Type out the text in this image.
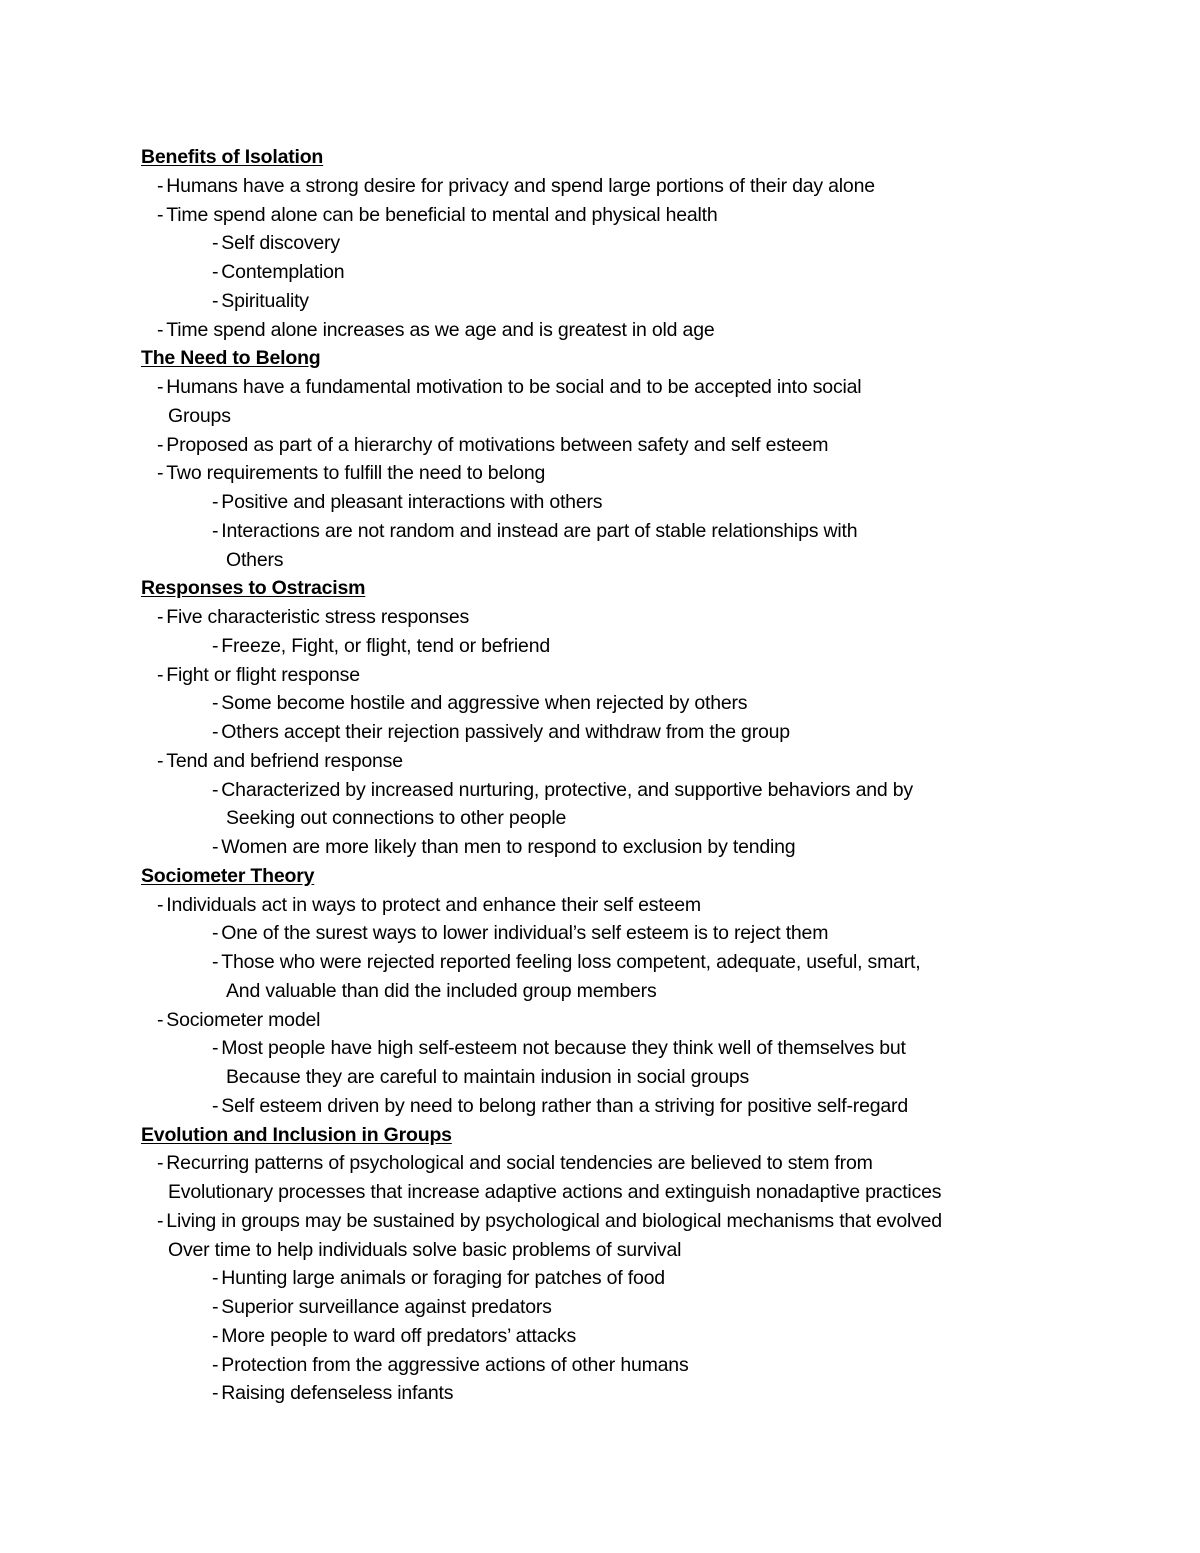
Benefits of Isolation
- Humans have a strong desire for privacy and spend large portions of their day alone
- Time spend alone can be beneficial to mental and physical health
- Self discovery
- Contemplation
- Spirituality
- Time spend alone increases as we age and is greatest in old age
The Need to Belong
- Humans have a fundamental motivation to be social and to be accepted into social
Groups
- Proposed as part of a hierarchy of motivations between safety and self esteem
- Two requirements to fulfill the need to belong
- Positive and pleasant interactions with others
- Interactions are not random and instead are part of stable relationships with
Others
Responses to Ostracism
- Five characteristic stress responses
- Freeze, Fight, or flight, tend or befriend
- Fight or flight response
- Some become hostile and aggressive when rejected by others
- Others accept their rejection passively and withdraw from the group
- Tend and befriend response
- Characterized by increased nurturing, protective, and supportive behaviors and by
Seeking out connections to other people
- Women are more likely than men to respond to exclusion by tending
Sociometer Theory
- Individuals act in ways to protect and enhance their self esteem
- One of the surest ways to lower individual’s self esteem is to reject them
- Those who were rejected reported feeling loss competent, adequate, useful, smart,
And valuable than did the included group members
- Sociometer model
- Most people have high self-esteem not because they think well of themselves but
Because they are careful to maintain indusion in social groups
- Self esteem driven by need to belong rather than a striving for positive self-regard
Evolution and Inclusion in Groups
- Recurring patterns of psychological and social tendencies are believed to stem from
Evolutionary processes that increase adaptive actions and extinguish nonadaptive practices
- Living in groups may be sustained by psychological and biological mechanisms that evolved
Over time to help individuals solve basic problems of survival
- Hunting large animals or foraging for patches of food
- Superior surveillance against predators
- More people to ward off predators’ attacks
- Protection from the aggressive actions of other humans
- Raising defenseless infants
